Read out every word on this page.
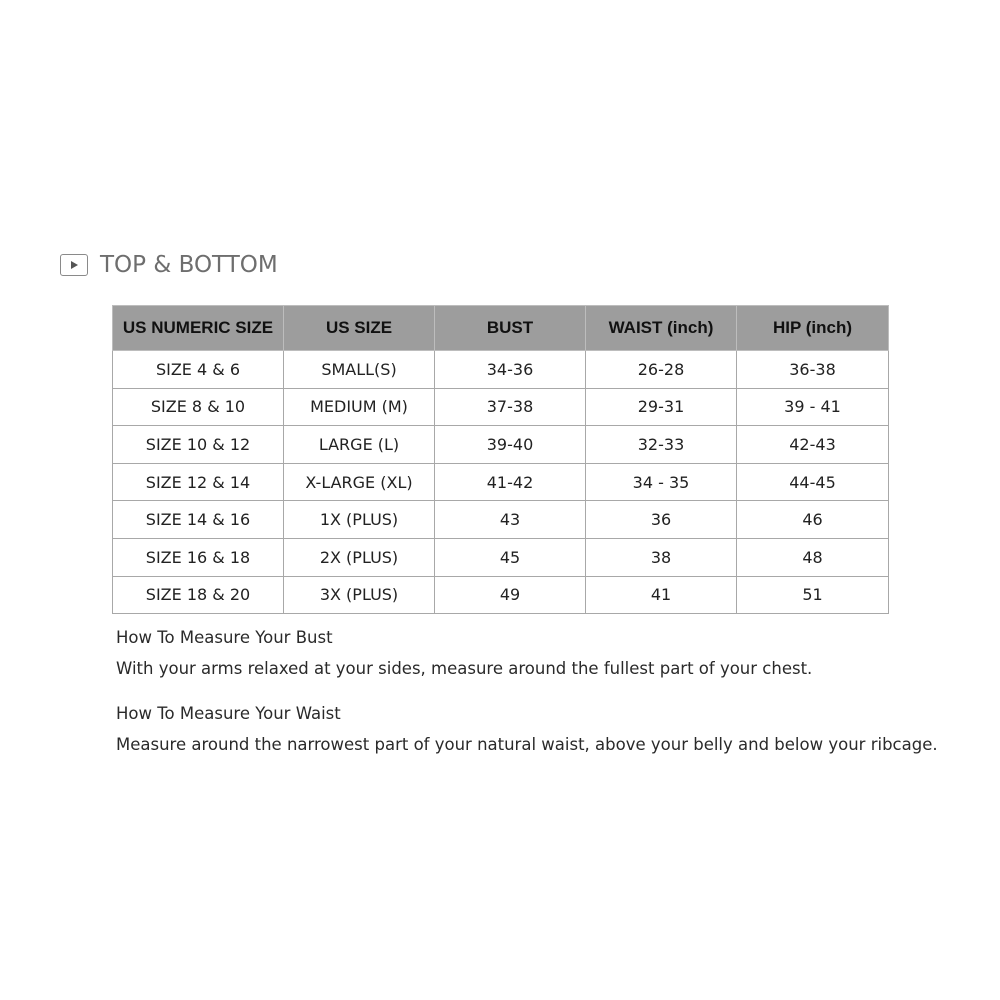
TOP & BOTTOM
US NUMERIC SIZE	US SIZE	BUST	WAIST (inch)	HIP (inch)
SIZE 4 & 6	SMALL(S)	34-36	26-28	36-38
SIZE 8 & 10	MEDIUM (M)	37-38	29-31	39 - 41
SIZE 10 & 12	LARGE (L)	39-40	32-33	42-43
SIZE 12 & 14	X-LARGE (XL)	41-42	34 - 35	44-45
SIZE 14 & 16	1X (PLUS)	43	36	46
SIZE 16 & 18	2X (PLUS)	45	38	48
SIZE 18 & 20	3X (PLUS)	49	41	51
How To Measure Your Bust
With your arms relaxed at your sides, measure around the fullest part of your chest.
How To Measure Your Waist
Measure around the narrowest part of your natural waist, above your belly and below your ribcage.
